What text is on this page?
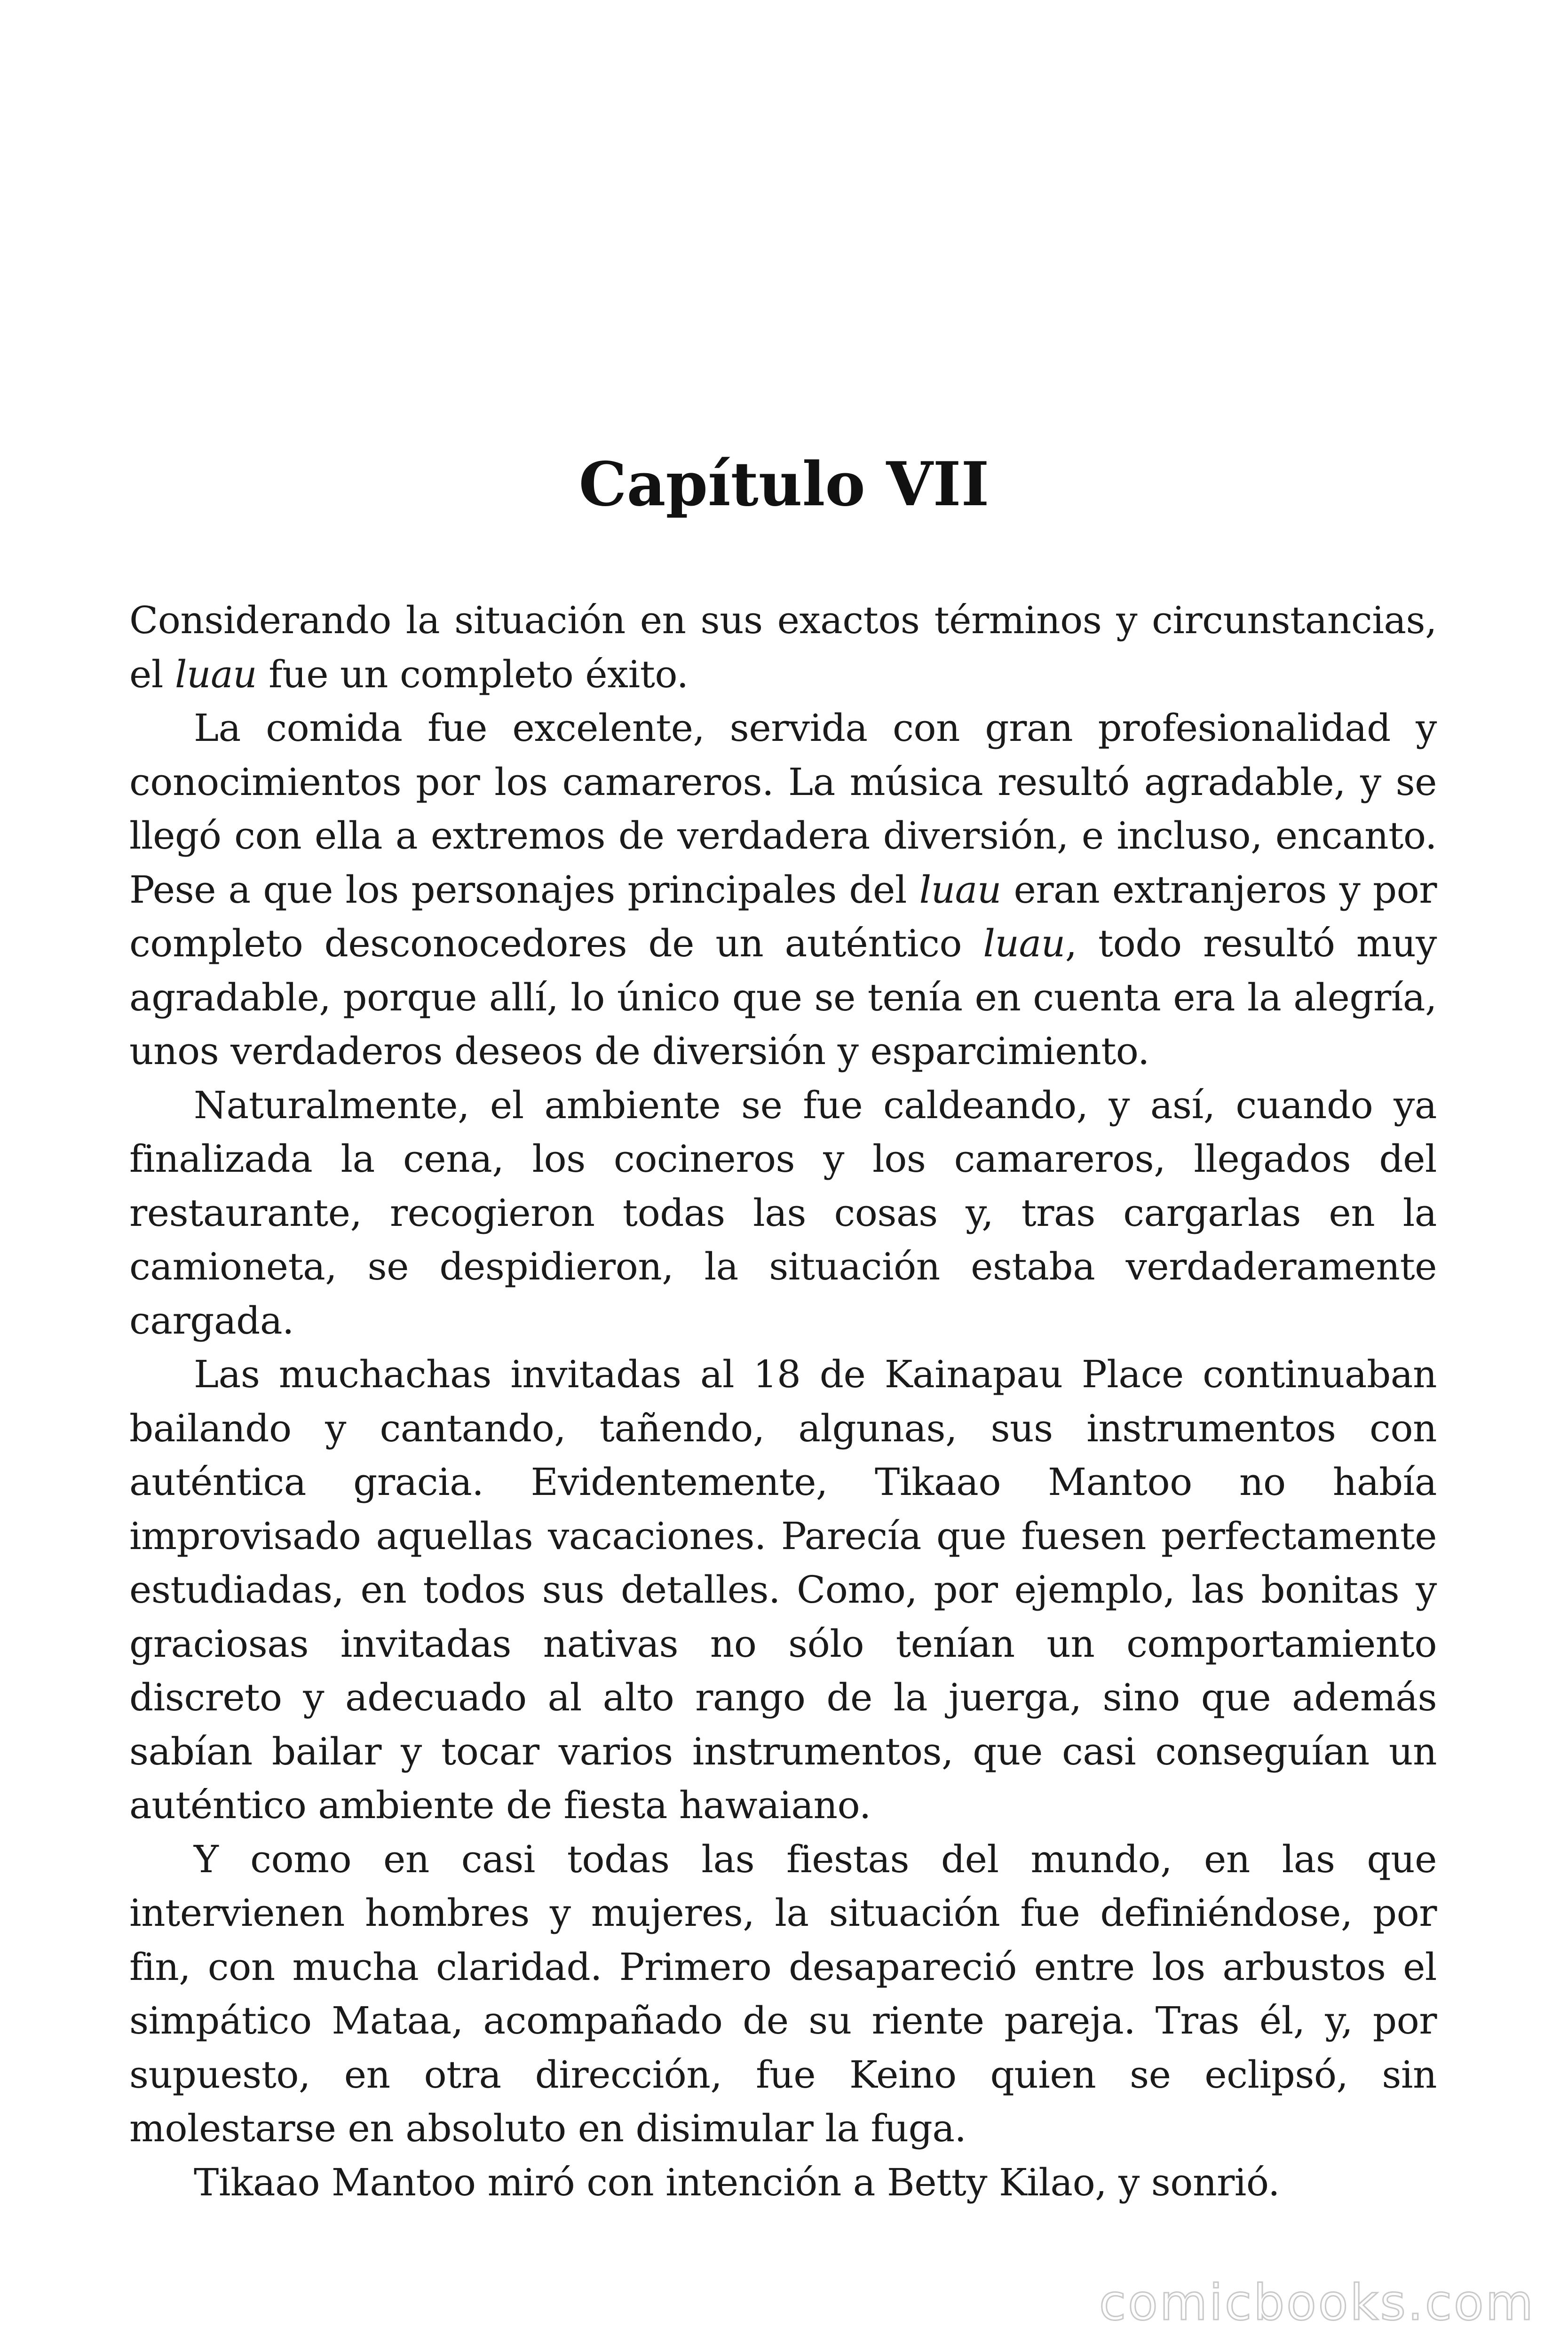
Capítulo VII

Considerando la situación en sus exactos términos y circunstancias, el luau fue un completo éxito.

La comida fue excelente, servida con gran profesionalidad y conocimientos por los camareros. La música resultó agradable, y se llegó con ella a extremos de verdadera diversión, e incluso, encanto. Pese a que los personajes principales del luau eran extranjeros y por completo desconocedores de un auténtico luau, todo resultó muy agradable, porque allí, lo único que se tenía en cuenta era la alegría, unos verdaderos deseos de diversión y esparcimiento.

Naturalmente, el ambiente se fue caldeando, y así, cuando ya finalizada la cena, los cocineros y los camareros, llegados del restaurante, recogieron todas las cosas y, tras cargarlas en la camioneta, se despidieron, la situación estaba verdaderamente cargada.

Las muchachas invitadas al 18 de Kainapau Place continuaban bailando y cantando, tañendo, algunas, sus instrumentos con auténtica gracia. Evidentemente, Tikaao Mantoo no había improvisado aquellas vacaciones. Parecía que fuesen perfectamente estudiadas, en todos sus detalles. Como, por ejemplo, las bonitas y graciosas invitadas nativas no sólo tenían un comportamiento discreto y adecuado al alto rango de la juerga, sino que además sabían bailar y tocar varios instrumentos, que casi conseguían un auténtico ambiente de fiesta hawaiano.

Y como en casi todas las fiestas del mundo, en las que intervienen hombres y mujeres, la situación fue definiéndose, por fin, con mucha claridad. Primero desapareció entre los arbustos el simpático Mataa, acompañado de su riente pareja. Tras él, y, por supuesto, en otra dirección, fue Keino quien se eclipsó, sin molestarse en absoluto en disimular la fuga.

Tikaao Mantoo miró con intención a Betty Kilao, y sonrió.

comicbooks.com
